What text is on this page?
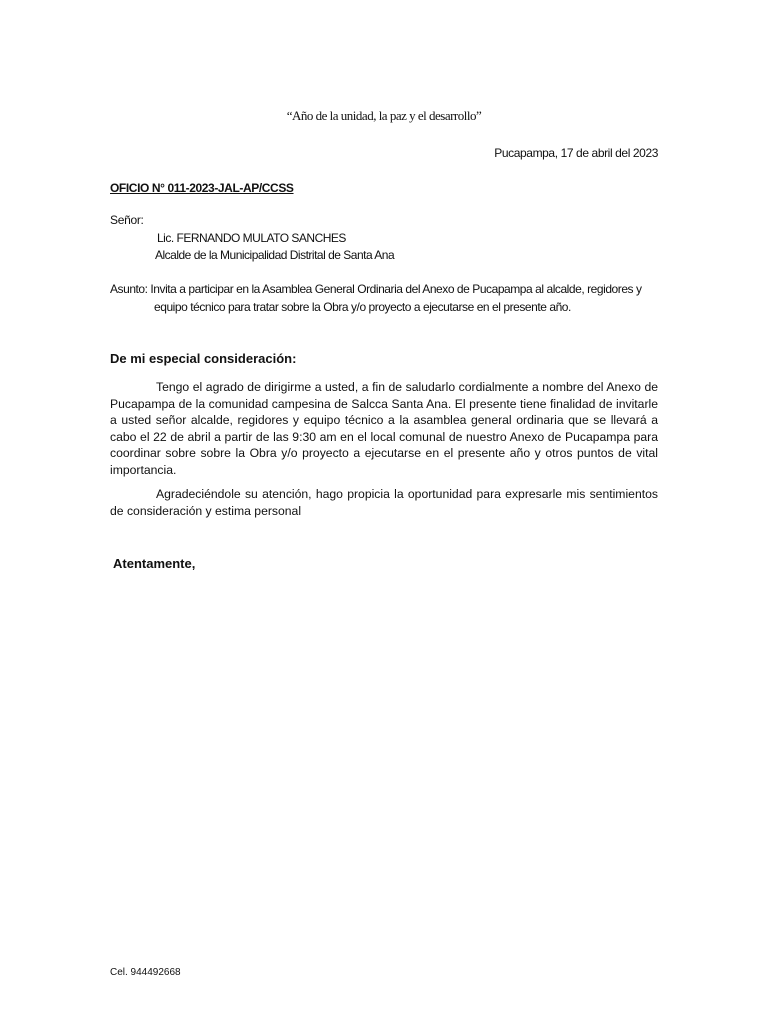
“Año de la unidad, la paz y el desarrollo”
Pucapampa, 17 de abril del 2023
OFICIO N° 011-2023-JAL-AP/CCSS
Señor:
Lic. FERNANDO MULATO SANCHES
Alcalde de la Municipalidad Distrital de Santa Ana
Asunto: Invita a participar en la Asamblea General Ordinaria del Anexo de Pucapampa al alcalde, regidores y
equipo técnico para tratar sobre la Obra y/o proyecto a ejecutarse en el presente año.
De mi especial consideración:
Tengo el agrado de dirigirme a usted, a fin de saludarlo cordialmente a nombre del Anexo de Pucapampa de la comunidad campesina de Salcca Santa Ana. El presente tiene finalidad de invitarle a usted señor alcalde, regidores y equipo técnico a la asamblea general ordinaria que se llevará a cabo el 22 de abril a partir de las 9:30 am en el local comunal de nuestro Anexo de Pucapampa para coordinar sobre sobre la Obra y/o proyecto a ejecutarse en el presente año y otros puntos de vital importancia.
Agradeciéndole su atención, hago propicia la oportunidad para expresarle mis sentimientos de consideración y estima personal
Atentamente,
Cel. 944492668
